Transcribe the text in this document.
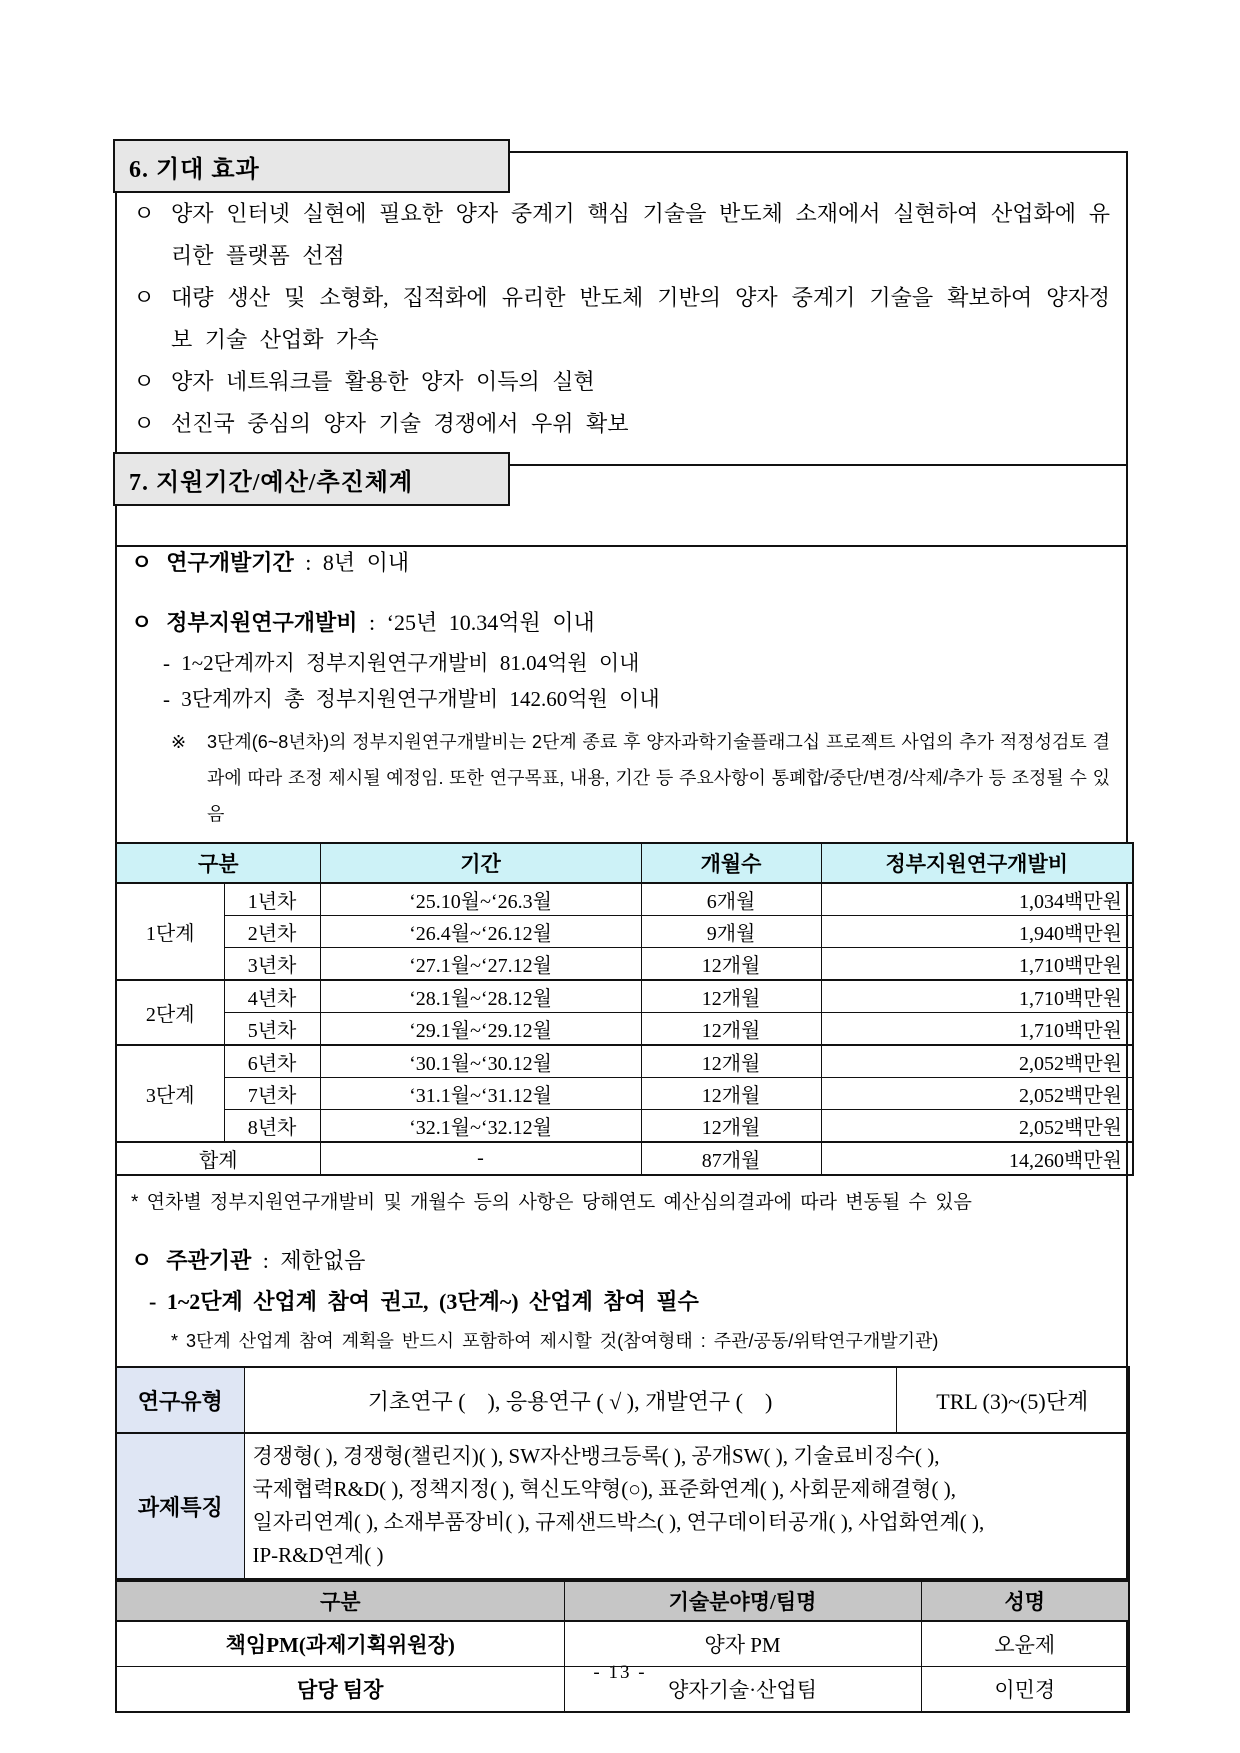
6. 기대 효과
ㅇ 양자 인터넷 실현에 필요한 양자 중계기 핵심 기술을 반도체 소재에서 실현하여 산업화에 유리한 플랫폼 선점
ㅇ 대량 생산 및 소형화, 집적화에 유리한 반도체 기반의 양자 중계기 기술을 확보하여 양자정보 기술 산업화 가속
ㅇ 양자 네트워크를 활용한 양자 이득의 실현
ㅇ 선진국 중심의 양자 기술 경쟁에서 우위 확보
7. 지원기간/예산/추진체계
ㅇ 연구개발기간 : 8년 이내
ㅇ 정부지원연구개발비 : ‘25년 10.34억원 이내
- 1~2단계까지 정부지원연구개발비 81.04억원 이내
- 3단계까지 총 정부지원연구개발비 142.60억원 이내
※	3단계(6~8년차)의 정부지원연구개발비는 2단계 종료 후 양자과학기술플래그십 프로젝트 사업의 추가 적정성검토 결과에 따라 조정 제시될 예정임. 또한 연구목표, 내용, 기간 등 주요사항이 통폐합/중단/변경/삭제/추가 등 조정될 수 있음
구분		기간	개월수	정부지원연구개발비
1단계	1년차	‘25.10월~‘26.3월	6개월	1,034백만원
	2년차	‘26.4월~‘26.12월	9개월	1,940백만원
	3년차	‘27.1월~‘27.12월	12개월	1,710백만원
2단계	4년차	‘28.1월~‘28.12월	12개월	1,710백만원
	5년차	‘29.1월~‘29.12월	12개월	1,710백만원
3단계	6년차	‘30.1월~‘30.12월	12개월	2,052백만원
	7년차	‘31.1월~‘31.12월	12개월	2,052백만원
	8년차	‘32.1월~‘32.12월	12개월	2,052백만원
합계		-	87개월	14,260백만원
* 연차별 정부지원연구개발비 및 개월수 등의 사항은 당해연도 예산심의결과에 따라 변동될 수 있음
ㅇ 주관기관 : 제한없음
- 1~2단계 산업계 참여 권고, (3단계~) 산업계 참여 필수
* 3단계 산업계 참여 계획을 반드시 포함하여 제시할 것(참여형태 : 주관/공동/위탁연구개발기관)
연구유형	기초연구 (    ), 응용연구 ( √ ), 개발연구 (    )	TRL (3)~(5)단계
과제특징	경쟁형( ), 경쟁형(챌린지)( ), SW자산뱅크등록( ), 공개SW( ), 기술료비징수( ),
국제협력R&D( ), 정책지정( ), 혁신도약형(○), 표준화연계( ), 사회문제해결형( ),
일자리연계( ), 소재부품장비( ), 규제샌드박스( ), 연구데이터공개( ), 사업화연계( ),
IP-R&D연계( )	
구분	기술분야명/팀명	성명
책임PM(과제기획위원장)	양자 PM	오윤제
담당 팀장	양자기술·산업팀	이민경
- 13 -
